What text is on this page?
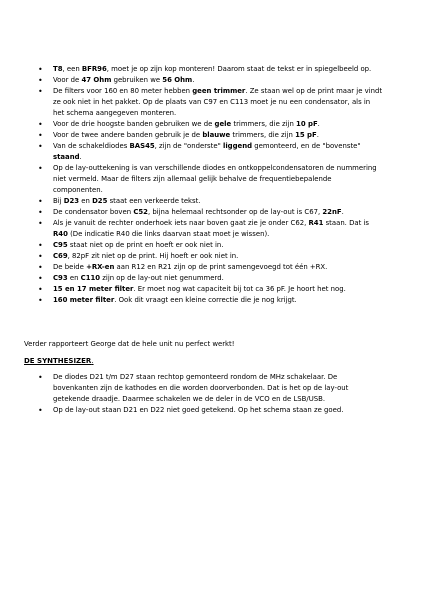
• T8, een BFR96, moet je op zijn kop monteren! Daarom staat de tekst er in spiegelbeeld op.
• Voor de 47 Ohm gebruiken we 56 Ohm.
• De filters voor 160 en 80 meter hebben geen trimmer. Ze staan wel op de print maar je vindt ze ook niet in het pakket. Op de plaats van C97 en C113 moet je nu een condensator, als in het schema aangegeven monteren.
• Voor de drie hoogste banden gebruiken we de gele trimmers, die zijn 10 pF.
• Voor de twee andere banden gebruik je de blauwe trimmers, die zijn 15 pF.
• Van de schakeldiodes BAS45, zijn de "onderste" liggend gemonteerd, en de "bovenste" staand.
• Op de lay-outtekening is van verschillende diodes en ontkoppelcondensatoren de nummering niet vermeld. Maar de filters zijn allemaal gelijk behalve de frequentiebepalende componenten.
• Bij D23 en D25 staat een verkeerde tekst.
• De condensator boven C52, bijna helemaal rechtsonder op de lay-out is C67, 22nF.
• Als je vanuit de rechter onderhoek iets naar boven gaat zie je onder C62, R41 staan. Dat is R40 (De indicatie R40 die links daarvan staat moet je wissen).
• C95 staat niet op de print en hoeft er ook niet in.
• C69, 82pF zit niet op de print. Hij hoeft er ook niet in.
• De beide +RX-en aan R12 en R21 zijn op de print samengevoegd tot één +RX.
• C93 en C110 zijn op de lay-out niet genummerd.
• 15 en 17 meter filter. Er moet nog wat capaciteit bij tot ca 36 pF. Je hoort het nog.
• 160 meter filter. Ook dit vraagt een kleine correctie die je nog krijgt.

Verder rapporteert George dat de hele unit nu perfect werkt!

DE SYNTHESIZER.

• De diodes D21 t/m D27 staan rechtop gemonteerd rondom de MHz schakelaar. De bovenkanten zijn de kathodes en die worden doorverbonden. Dat is het op de lay-out getekende draadje. Daarmee schakelen we de deler in de VCO en de LSB/USB.
• Op de lay-out staan D21 en D22 niet goed getekend. Op het schema staan ze goed.
